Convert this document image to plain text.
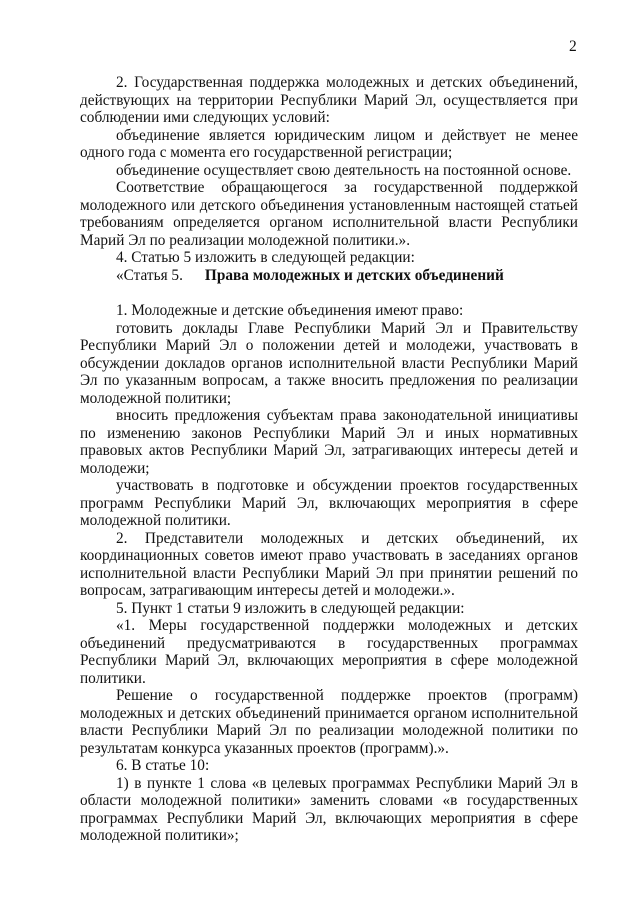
2

2. Государственная поддержка молодежных и детских объединений, действующих на территории Республики Марий Эл, осуществляется при соблюдении ими следующих условий:

объединение является юридическим лицом и действует не менее одного года с момента его государственной регистрации;

объединение осуществляет свою деятельность на постоянной основе.

Соответствие обращающегося за государственной поддержкой молодежного или детского объединения установленным настоящей статьей требованиям определяется органом исполнительной власти Республики Марий Эл по реализации молодежной политики.».

4. Статью 5 изложить в следующей редакции:

«Статья 5. Права молодежных и детских объединений

1. Молодежные и детские объединения имеют право:

готовить доклады Главе Республики Марий Эл и Правительству Республики Марий Эл о положении детей и молодежи, участвовать в обсуждении докладов органов исполнительной власти Республики Марий Эл по указанным вопросам, а также вносить предложения по реализации молодежной политики;

вносить предложения субъектам права законодательной инициативы по изменению законов Республики Марий Эл и иных нормативных правовых актов Республики Марий Эл, затрагивающих интересы детей и молодежи;

участвовать в подготовке и обсуждении проектов государственных программ Республики Марий Эл, включающих мероприятия в сфере молодежной политики.

2. Представители молодежных и детских объединений, их координационных советов имеют право участвовать в заседаниях органов исполнительной власти Республики Марий Эл при принятии решений по вопросам, затрагивающим интересы детей и молодежи.».

5. Пункт 1 статьи 9 изложить в следующей редакции:

«1. Меры государственной поддержки молодежных и детских объединений предусматриваются в государственных программах Республики Марий Эл, включающих мероприятия в сфере молодежной политики.

Решение о государственной поддержке проектов (программ) молодежных и детских объединений принимается органом исполнительной власти Республики Марий Эл по реализации молодежной политики по результатам конкурса указанных проектов (программ).».

6. В статье 10:

1) в пункте 1 слова «в целевых программах Республики Марий Эл в области молодежной политики» заменить словами «в государственных программах Республики Марий Эл, включающих мероприятия в сфере молодежной политики»;
